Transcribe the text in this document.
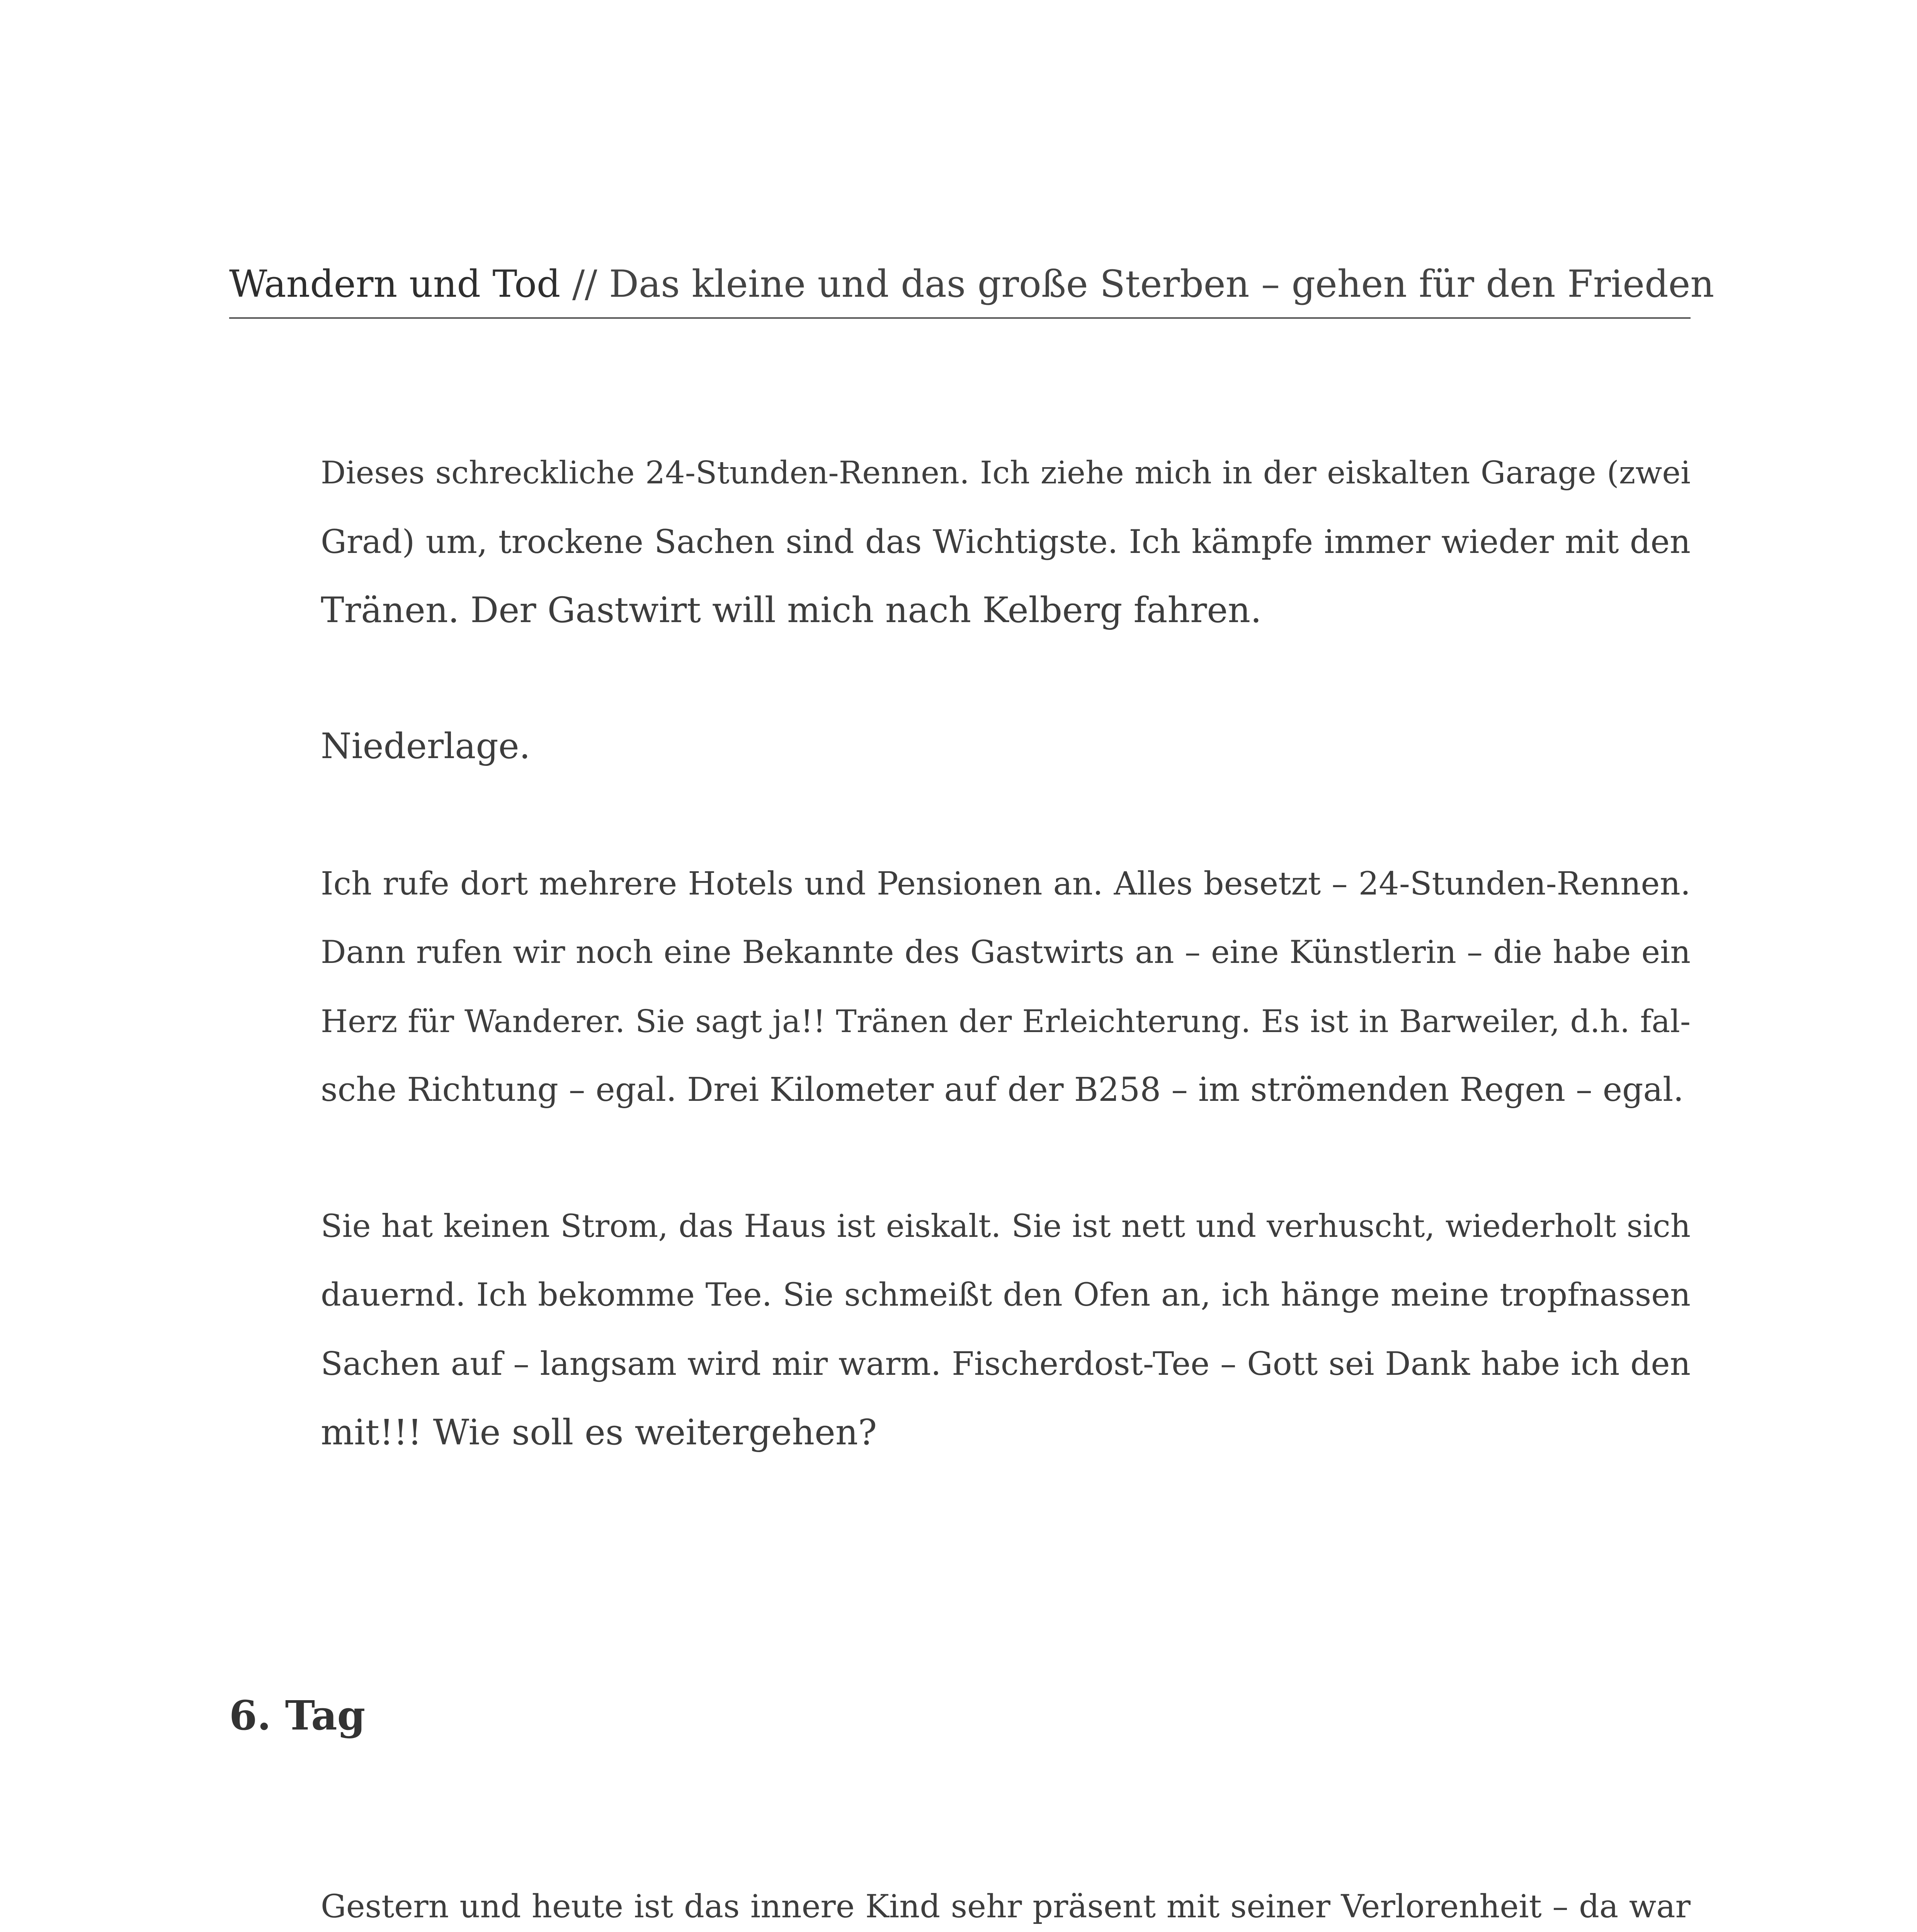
Wandern und Tod // Das kleine und das große Sterben – gehen für den Frieden
Dieses schreckliche 24-Stunden-Rennen. Ich ziehe mich in der eiskalten Garage (zwei
Grad) um, trockene Sachen sind das Wichtigste. Ich kämpfe immer wieder mit den
Tränen. Der Gastwirt will mich nach Kelberg fahren.
Niederlage.
Ich rufe dort mehrere Hotels und Pensionen an. Alles besetzt – 24-Stunden-Rennen.
Dann rufen wir noch eine Bekannte des Gastwirts an – eine Künstlerin – die habe ein
Herz für Wanderer. Sie sagt ja!! Tränen der Erleichterung. Es ist in Barweiler, d.h. fal-
sche Richtung – egal. Drei Kilometer auf der B258 – im strömenden Regen – egal.
Sie hat keinen Strom, das Haus ist eiskalt. Sie ist nett und verhuscht, wiederholt sich
dauernd. Ich bekomme Tee. Sie schmeißt den Ofen an, ich hänge meine tropfnassen
Sachen auf – langsam wird mir warm. Fischerdost-Tee – Gott sei Dank habe ich den
mit!!! Wie soll es weitergehen?
6. Tag
Gestern und heute ist das innere Kind sehr präsent mit seiner Verlorenheit – da war
